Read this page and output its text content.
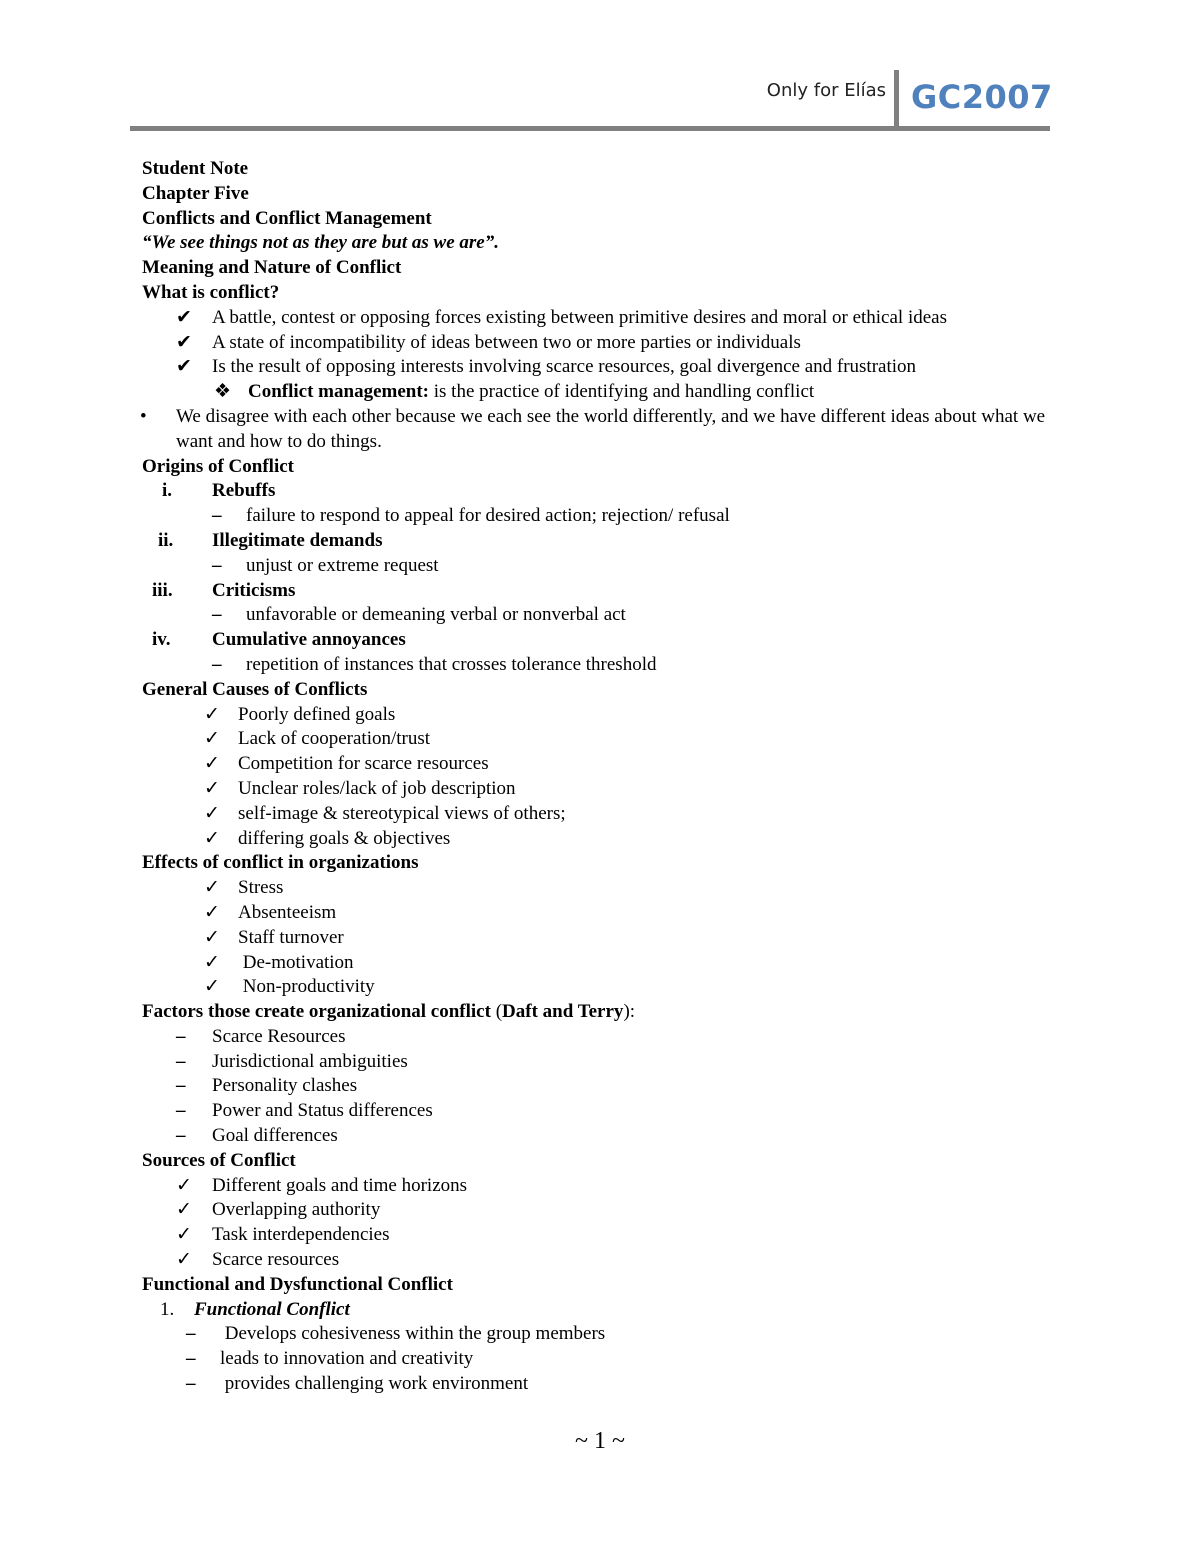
Only for Elías GC2007
Student Note
Chapter Five
Conflicts and Conflict Management
“We see things not as they are but as we are”.
Meaning and Nature of Conflict
What is conflict?
✔ A battle, contest or opposing forces existing between primitive desires and moral or ethical ideas
✔ A state of incompatibility of ideas between two or more parties or individuals
✔ Is the result of opposing interests involving scarce resources, goal divergence and frustration
❖ Conflict management: is the practice of identifying and handling conflict
• We disagree with each other because we each see the world differently, and we have different ideas about what we want and how to do things.
Origins of Conflict
i. Rebuffs
– failure to respond to appeal for desired action; rejection/ refusal
ii. Illegitimate demands
– unjust or extreme request
iii. Criticisms
– unfavorable or demeaning verbal or nonverbal act
iv. Cumulative annoyances
– repetition of instances that crosses tolerance threshold
General Causes of Conflicts
✓ Poorly defined goals
✓ Lack of cooperation/trust
✓ Competition for scarce resources
✓ Unclear roles/lack of job description
✓ self-image & stereotypical views of others;
✓ differing goals & objectives
Effects of conflict in organizations
✓ Stress
✓ Absenteeism
✓ Staff turnover
✓ De-motivation
✓ Non-productivity
Factors those create organizational conflict (Daft and Terry):
– Scarce Resources
– Jurisdictional ambiguities
– Personality clashes
– Power and Status differences
– Goal differences
Sources of Conflict
✓ Different goals and time horizons
✓ Overlapping authority
✓ Task interdependencies
✓ Scarce resources
Functional and Dysfunctional Conflict
1. Functional Conflict
– Develops cohesiveness within the group members
– leads to innovation and creativity
– provides challenging work environment
~ 1 ~
